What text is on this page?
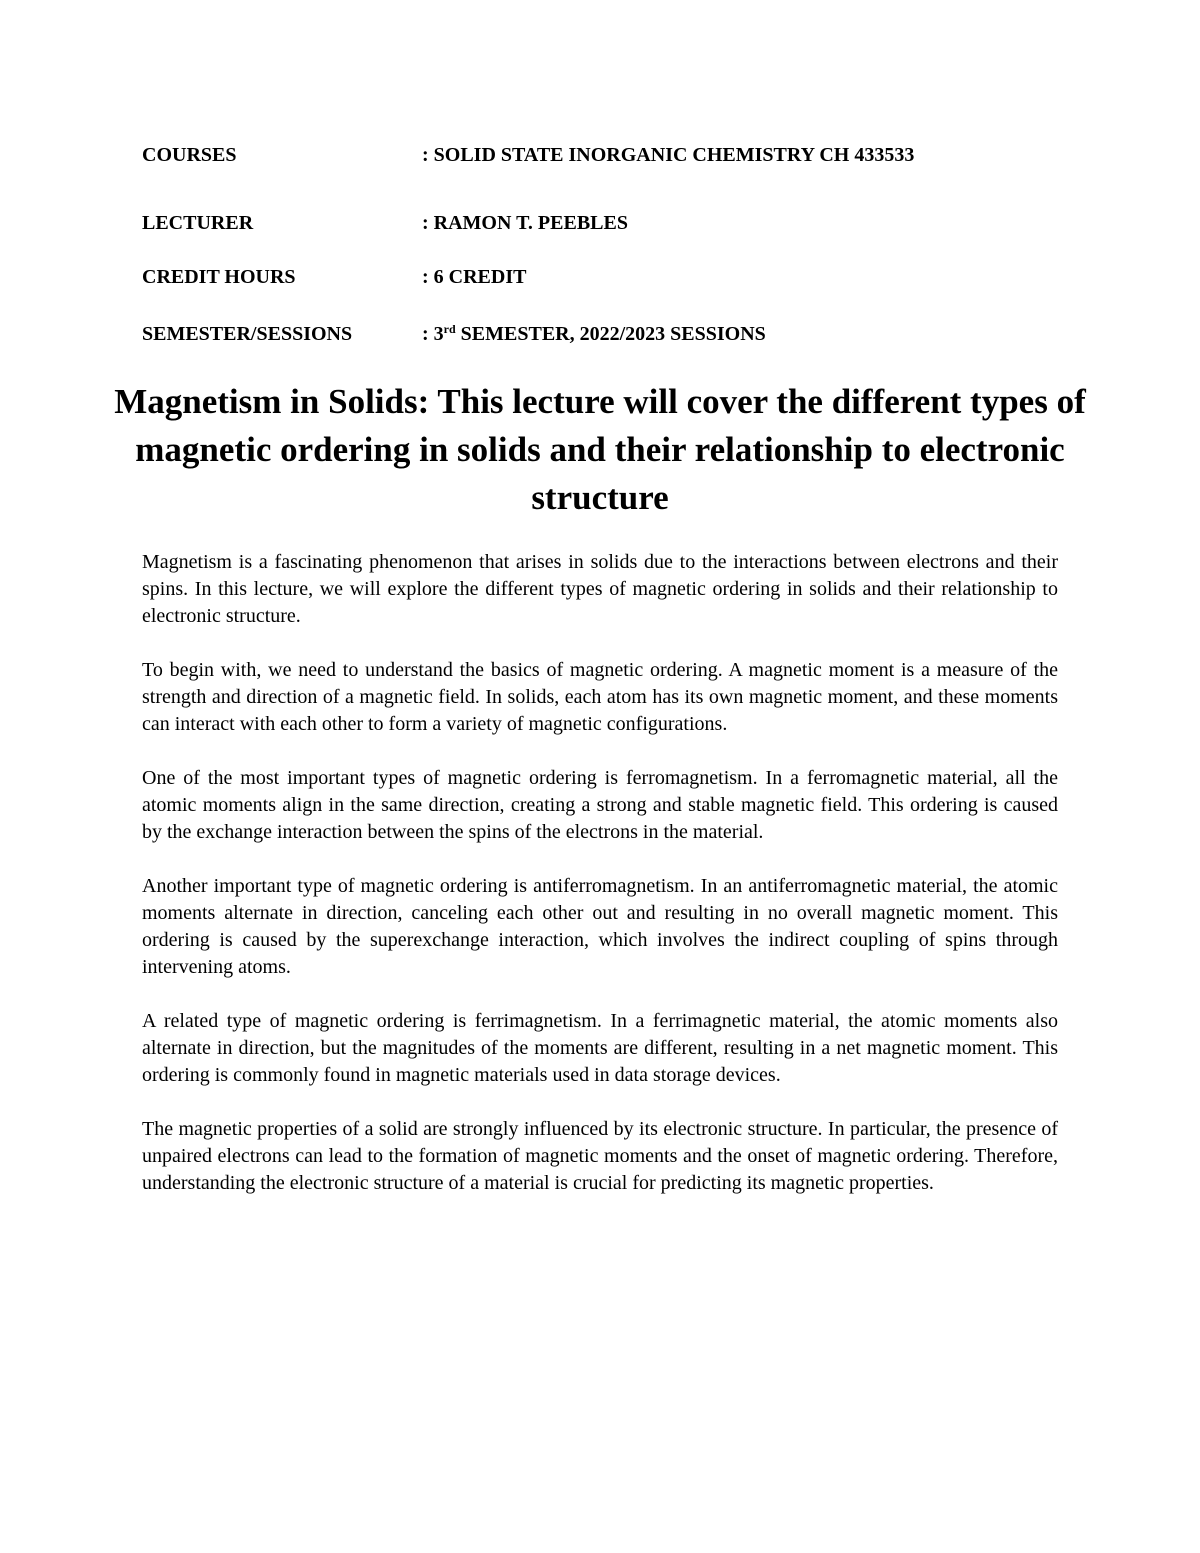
COURSES	: SOLID STATE INORGANIC CHEMISTRY CH 433533
LECTURER	: RAMON T. PEEBLES
CREDIT HOURS	: 6 CREDIT
SEMESTER/SESSIONS	: 3rd SEMESTER, 2022/2023 SESSIONS
Magnetism in Solids: This lecture will cover the different types of magnetic ordering in solids and their relationship to electronic structure

Magnetism is a fascinating phenomenon that arises in solids due to the interactions between electrons and their spins. In this lecture, we will explore the different types of magnetic ordering in solids and their relationship to electronic structure.

To begin with, we need to understand the basics of magnetic ordering. A magnetic moment is a measure of the strength and direction of a magnetic field. In solids, each atom has its own magnetic moment, and these moments can interact with each other to form a variety of magnetic configurations.

One of the most important types of magnetic ordering is ferromagnetism. In a ferromagnetic material, all the atomic moments align in the same direction, creating a strong and stable magnetic field. This ordering is caused by the exchange interaction between the spins of the electrons in the material.

Another important type of magnetic ordering is antiferromagnetism. In an antiferromagnetic material, the atomic moments alternate in direction, canceling each other out and resulting in no overall magnetic moment. This ordering is caused by the superexchange interaction, which involves the indirect coupling of spins through intervening atoms.

A related type of magnetic ordering is ferrimagnetism. In a ferrimagnetic material, the atomic moments also alternate in direction, but the magnitudes of the moments are different, resulting in a net magnetic moment. This ordering is commonly found in magnetic materials used in data storage devices.

The magnetic properties of a solid are strongly influenced by its electronic structure. In particular, the presence of unpaired electrons can lead to the formation of magnetic moments and the onset of magnetic ordering. Therefore, understanding the electronic structure of a material is crucial for predicting its magnetic properties.
